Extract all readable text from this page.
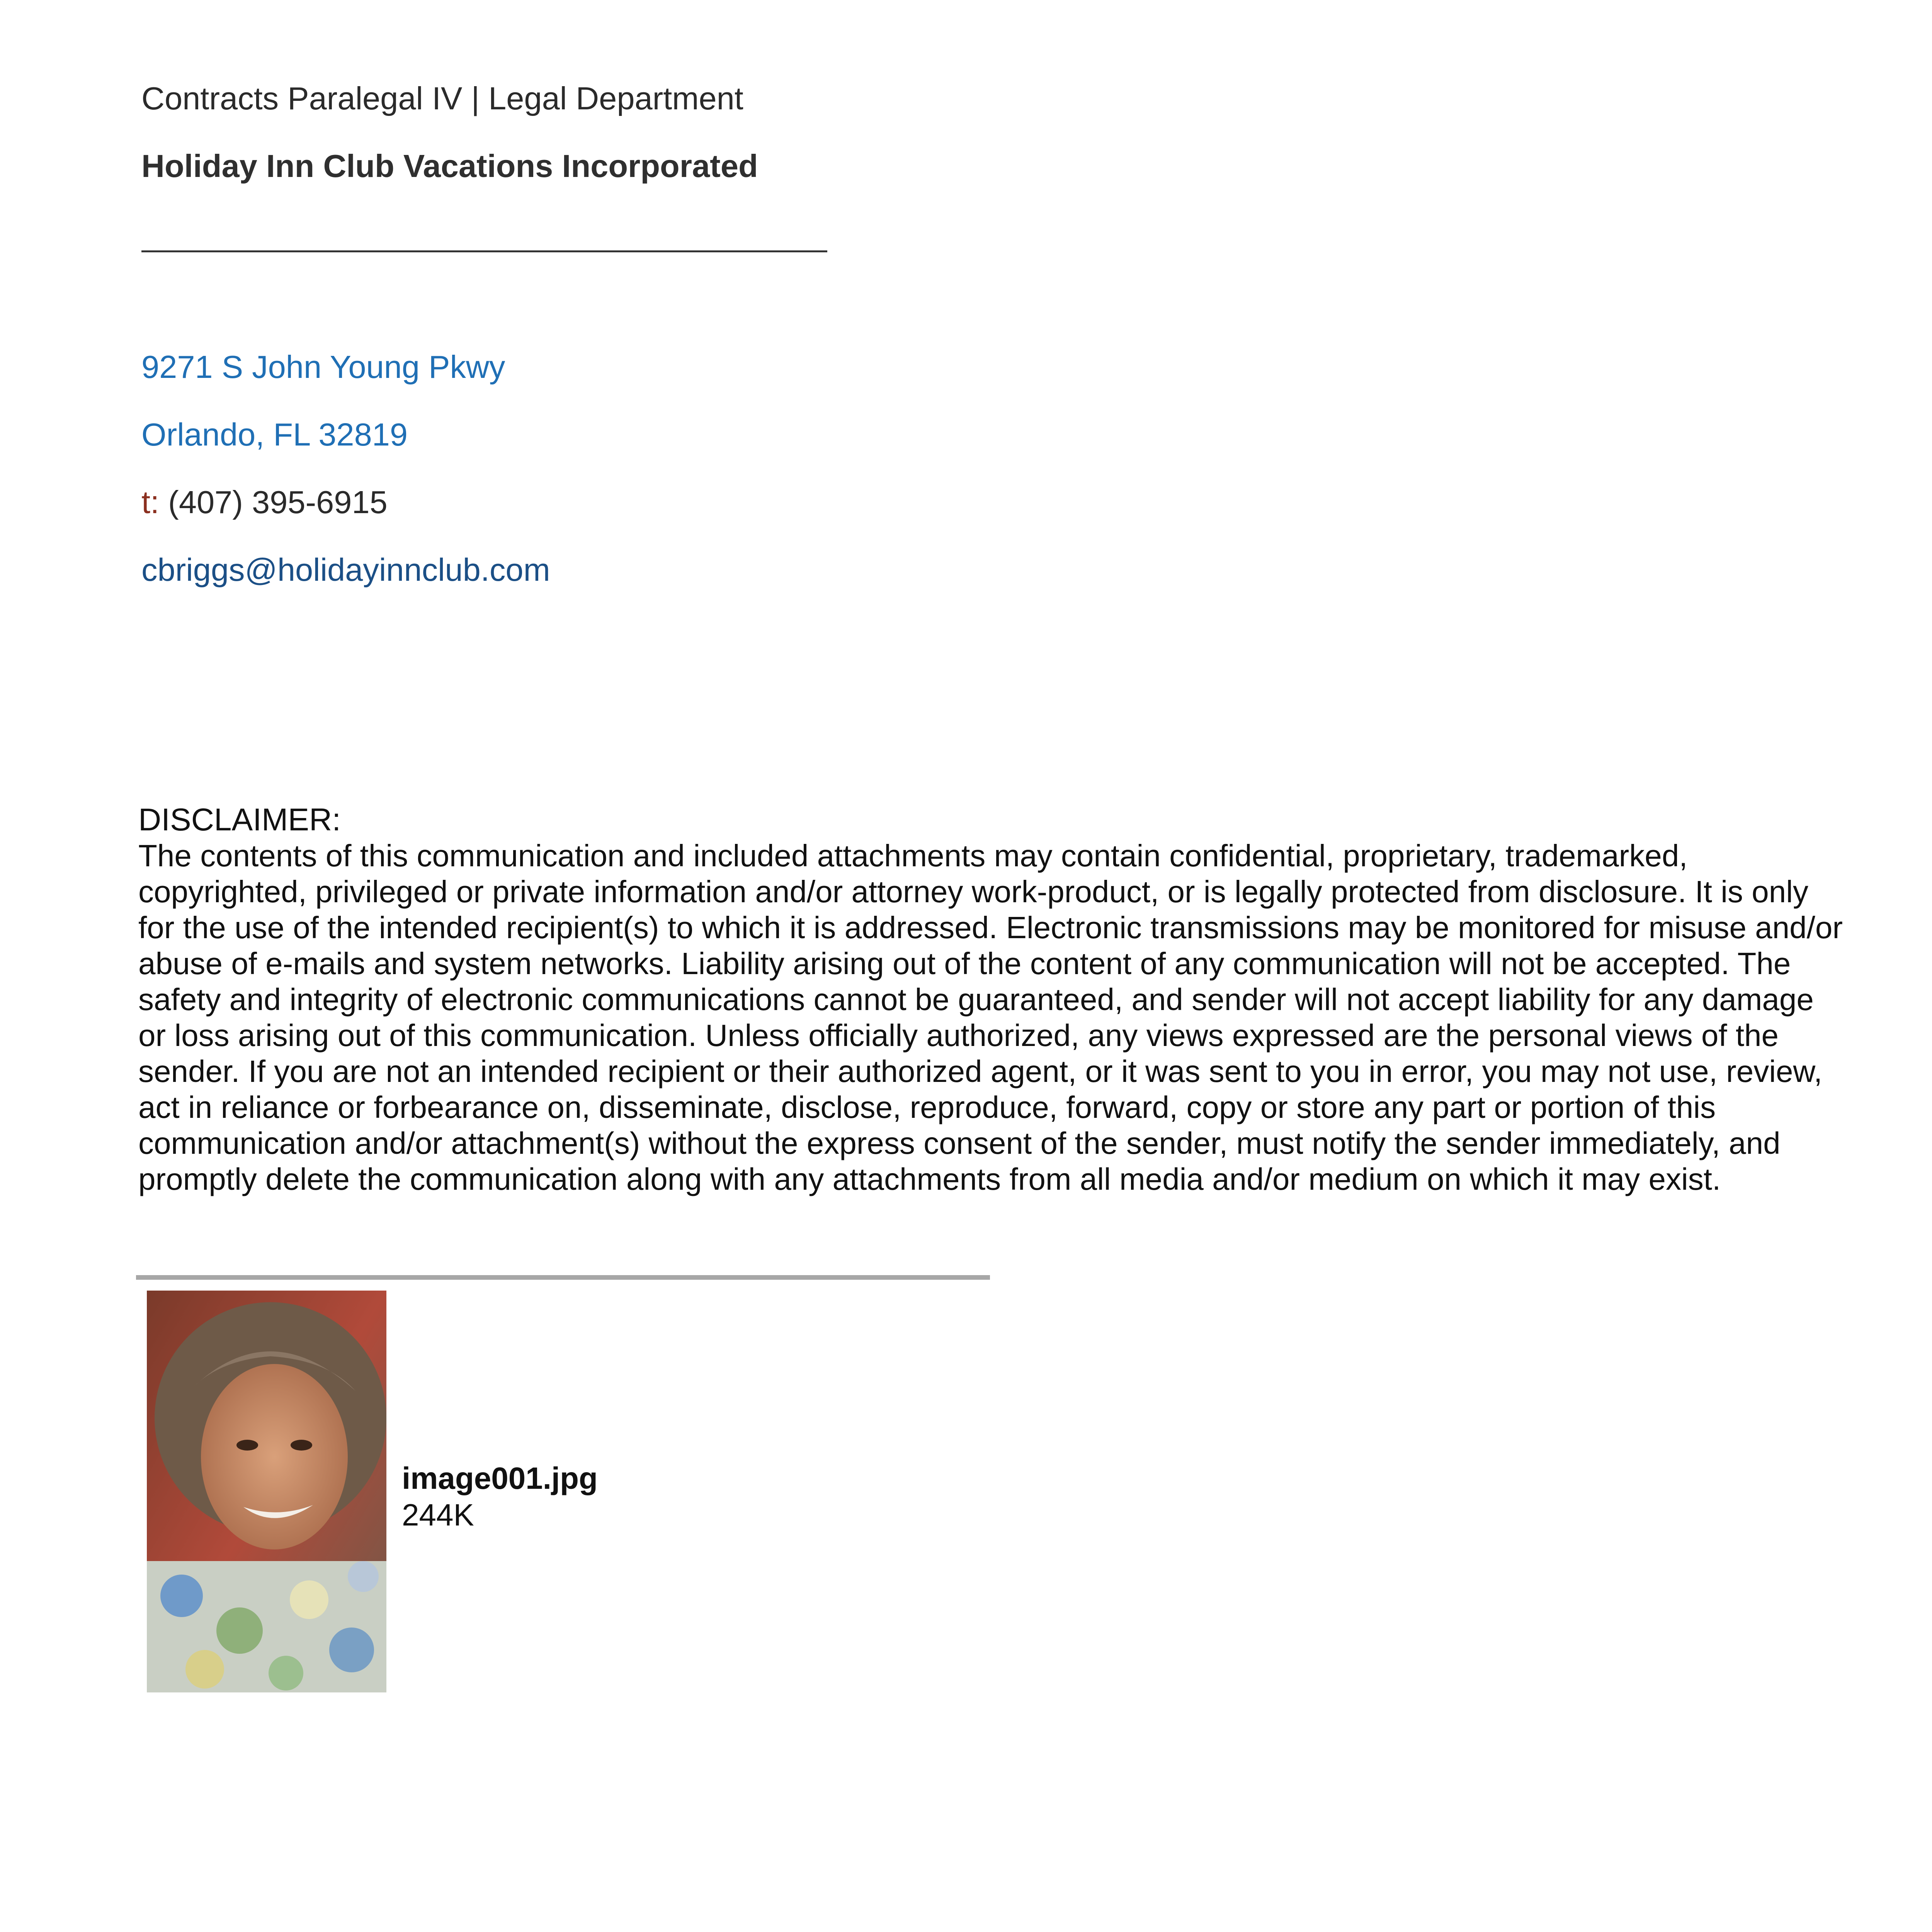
Contracts Paralegal IV | Legal Department
Holiday Inn Club Vacations Incorporated
9271 S John Young Pkwy
Orlando, FL 32819
t: (407) 395-6915
cbriggs@holidayinnclub.com
DISCLAIMER:

The contents of this communication and included attachments may contain confidential, proprietary, trademarked, copyrighted, privileged or private information and/or attorney work-product, or is legally protected from disclosure. It is only for the use of the intended recipient(s) to which it is addressed. Electronic transmissions may be monitored for misuse and/or abuse of e-mails and system networks. Liability arising out of the content of any communication will not be accepted. The safety and integrity of electronic communications cannot be guaranteed, and sender will not accept liability for any damage or loss arising out of this communication. Unless officially authorized, any views expressed are the personal views of the sender. If you are not an intended recipient or their authorized agent, or it was sent to you in error, you may not use, review, act in reliance or forbearance on, disseminate, disclose, reproduce, forward, copy or store any part or portion of this communication and/or attachment(s) without the express consent of the sender, must notify the sender immediately, and promptly delete the communication along with any attachments from all media and/or medium on which it may exist.

image001.jpg
244K
